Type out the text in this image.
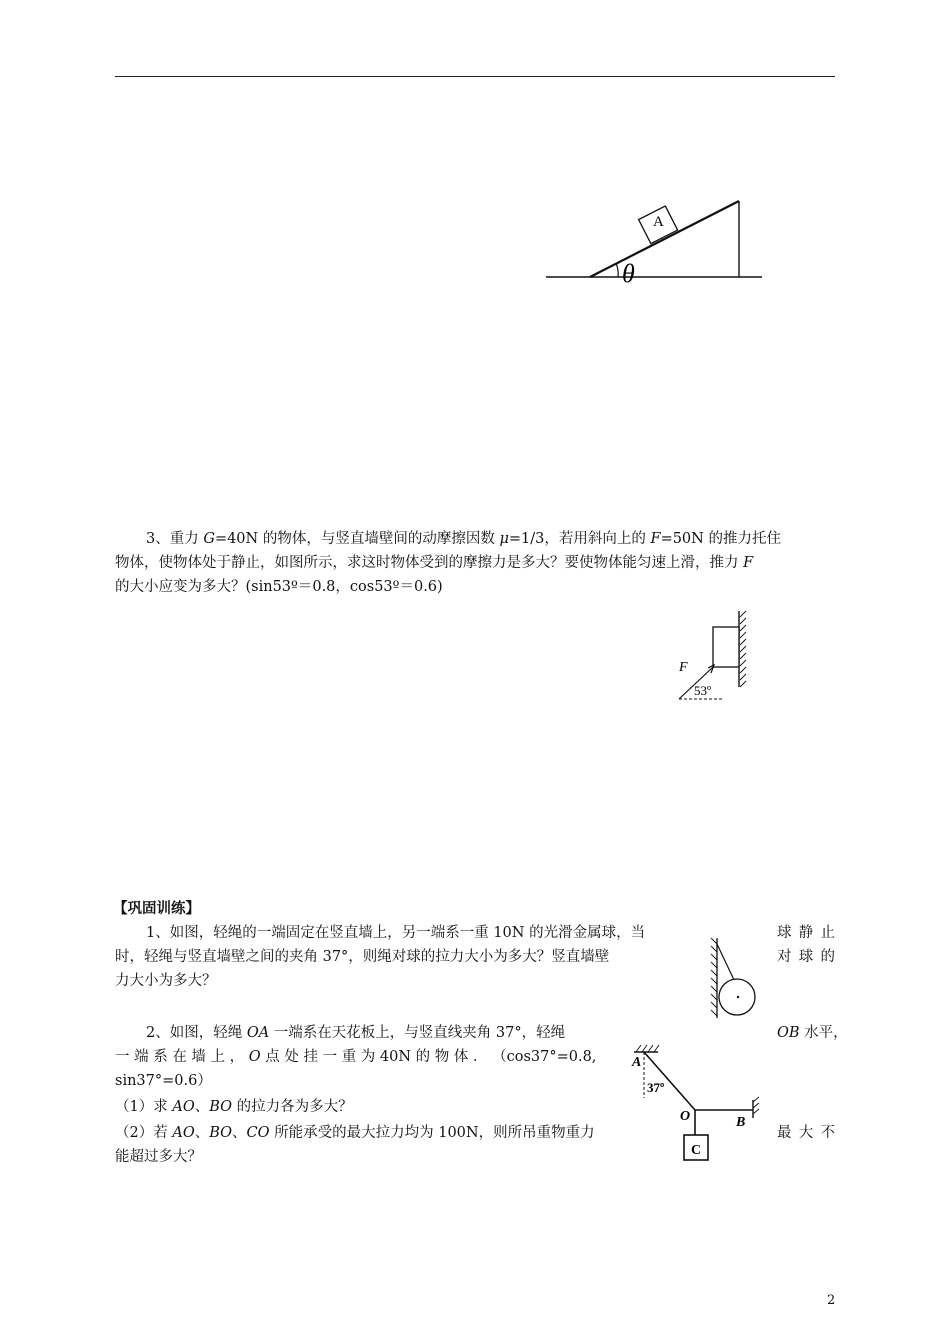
A
θ
3、重力 G=40N 的物体，与竖直墙壁间的动摩擦因数 μ=1/3，若用斜向上的 F=50N 的推力托住
物体，使物体处于静止，如图所示，求这时物体受到的摩擦力是多大？要使物体能匀速上滑，推力 F
的大小应变为多大？(sin53º＝0.8，cos53º＝0.6)
F
53º
【巩固训练】
1、如图，轻绳的一端固定在竖直墙上，另一端系一重 10N 的光滑金属球，当	球 静 止
时，轻绳与竖直墙壁之间的夹角 37°，则绳对球的拉力大小为多大？竖直墙壁	对 球 的
力大小为多大？
2、如图，轻绳 OA 一端系在天花板上，与竖直线夹角 37°，轻绳	OB 水平，
一 端 系 在 墙 上 ， O 点 处 挂 一 重 为 40N 的 物 体 ． （cos37°=0.8,
sin37°=0.6）
（1）求 AO、BO 的拉力各为多大？
（2）若 AO、BO、CO 所能承受的最大拉力均为 100N，则所吊重物重力	最 大 不
能超过多大？
A
37º
O	B
C
2
